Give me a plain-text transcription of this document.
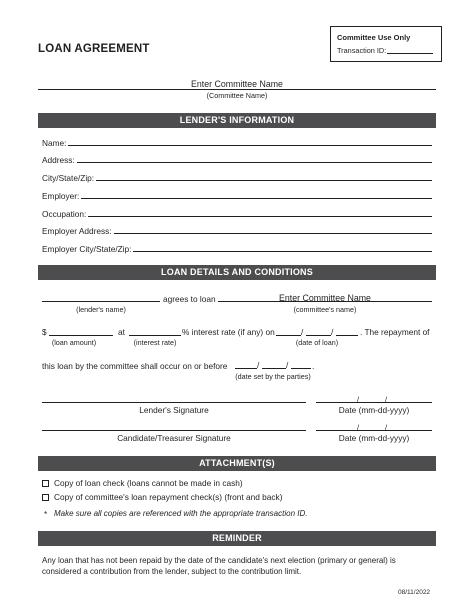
LOAN AGREEMENT
Committee Use Only
Transaction ID:
Enter Committee Name
(Committee Name)
LENDER'S INFORMATION
Name:
Address:
City/State/Zip:
Employer:
Occupation:
Employer Address:
Employer City/State/Zip:
LOAN DETAILS AND CONDITIONS
agrees to loan	Enter Committee Name
(lender's name)	(committee's name)
$	at	% interest rate (if any) on	/	/	. The repayment of
(loan amount)	(interest rate)	(date of loan)
this loan by the committee shall occur on or before	/	/	.
(date set by the parties)
Lender's Signature
/	/
Date (mm-dd-yyyy)
Candidate/Treasurer Signature
/	/
Date (mm-dd-yyyy)
ATTACHMENT(S)
Copy of loan check (loans cannot be made in cash)
Copy of committee's loan repayment check(s) (front and back)
* Make sure all copies are referenced with the appropriate transaction ID.
REMINDER
Any loan that has not been repaid by the date of the candidate's next election (primary or general) is
considered a contribution from the lender, subject to the contribution limit.
08/11/2022
